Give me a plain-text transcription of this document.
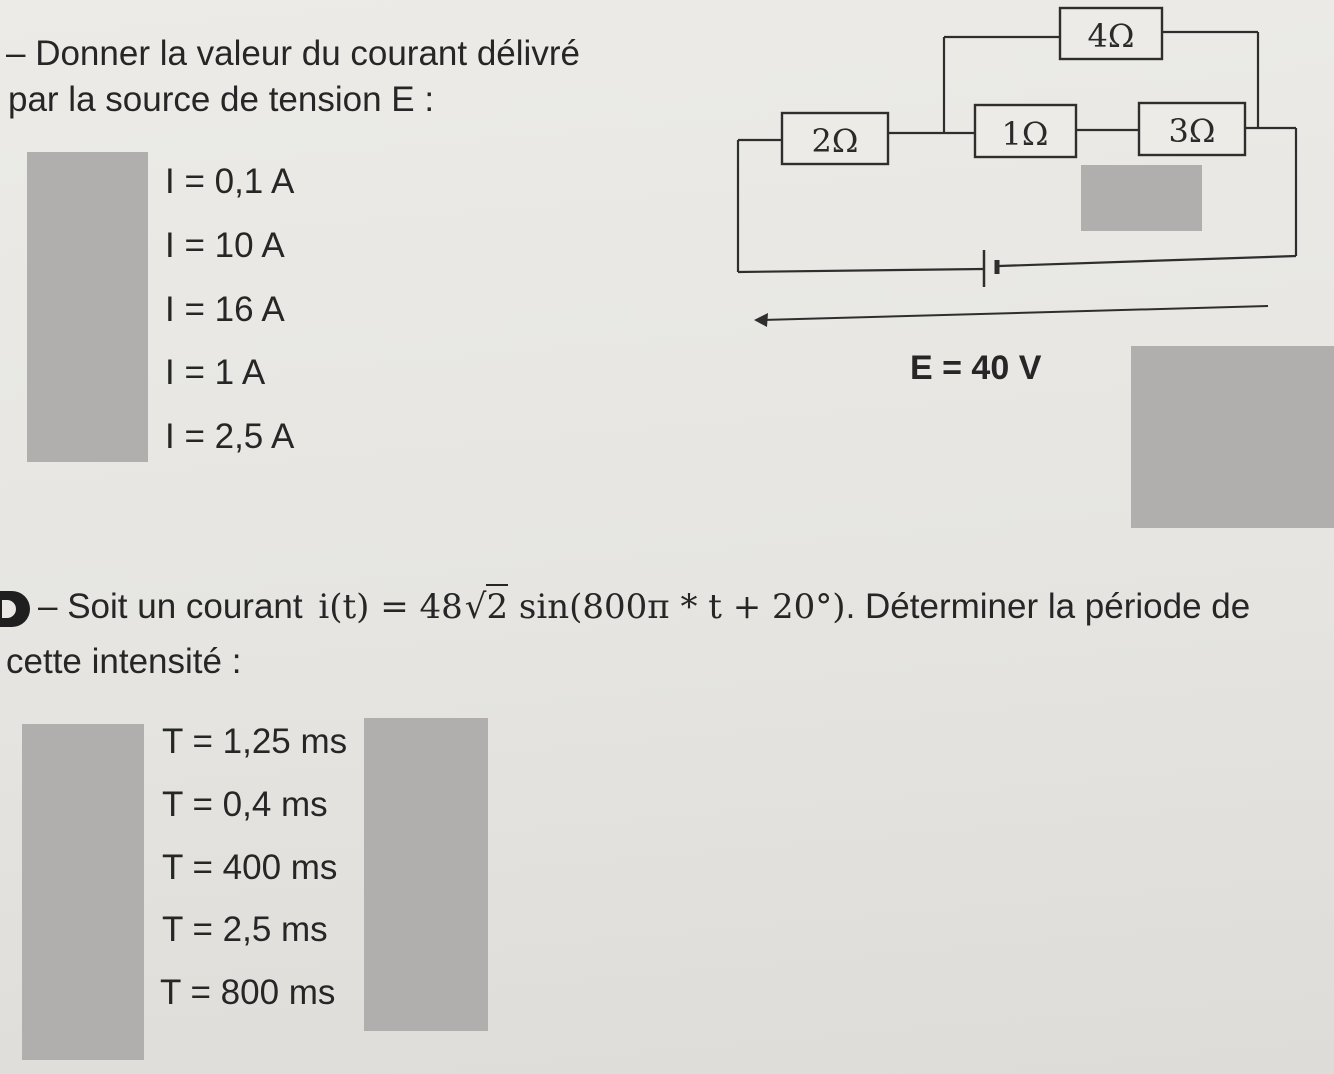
– Donner la valeur du courant délivré
par la source de tension E :
I = 0,1 A
I = 10 A
I = 16 A
I = 1 A
I = 2,5 A
2Ω	1Ω	3Ω
4Ω
E = 40 V
– Soit un courant i(t) = 48√2 sin(800π * t + 20°). Déterminer la période de
cette intensité :
T = 1,25 ms
T = 0,4 ms
T = 400 ms
T = 2,5 ms
T = 800 ms
